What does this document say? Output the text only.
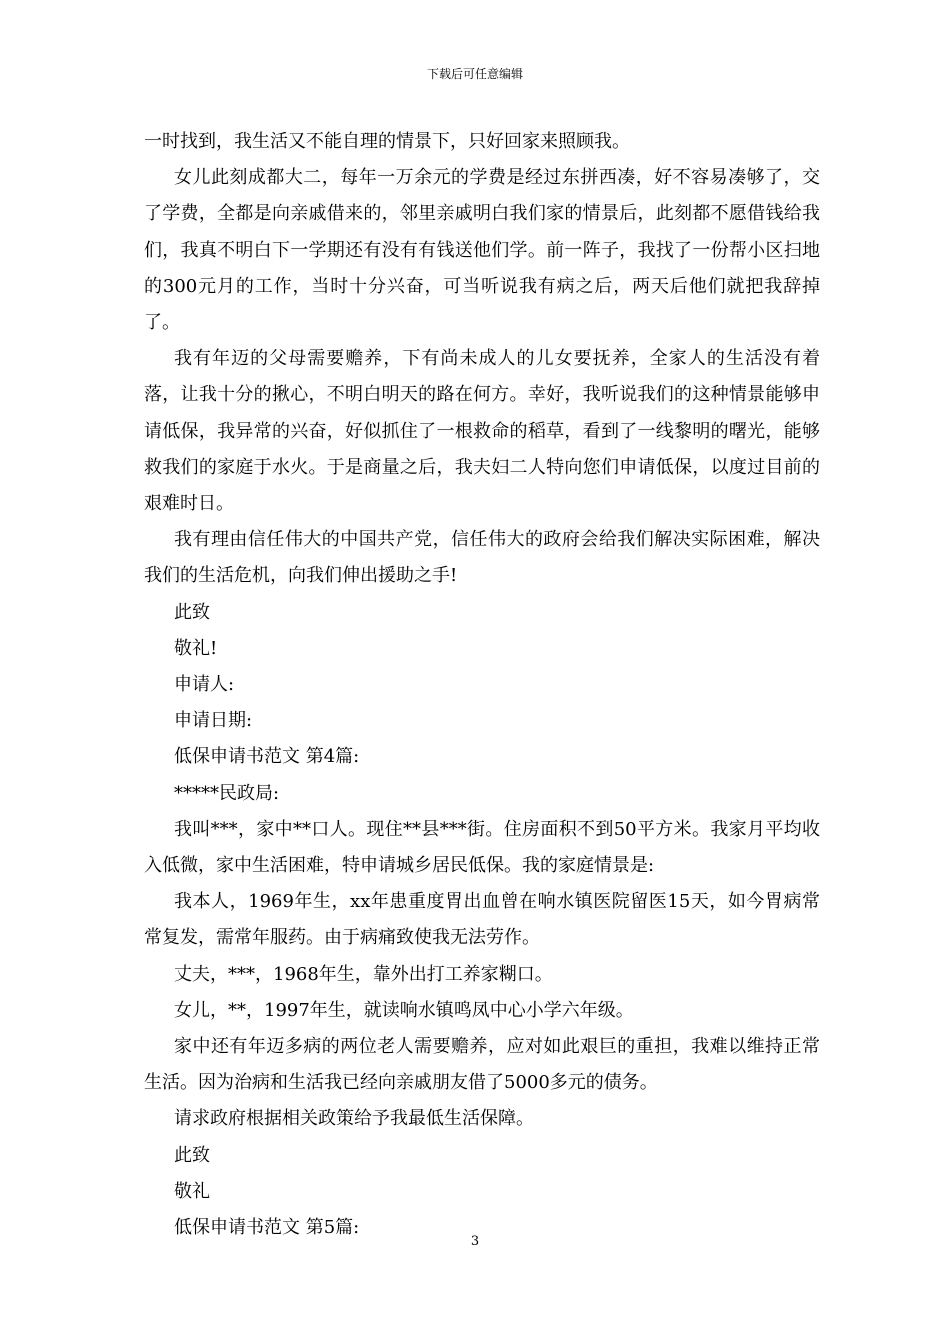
下载后可任意编辑

一时找到，我生活又不能自理的情景下，只好回家来照顾我。

女儿此刻成都大二，每年一万余元的学费是经过东拼西凑，好不容易凑够了，交了学费，全都是向亲戚借来的，邻里亲戚明白我们家的情景后，此刻都不愿借钱给我们，我真不明白下一学期还有没有有钱送他们学。前一阵子，我找了一份帮小区扫地的300元月的工作，当时十分兴奋，可当听说我有病之后，两天后他们就把我辞掉了。

我有年迈的父母需要赡养，下有尚未成人的儿女要抚养，全家人的生活没有着落，让我十分的揪心，不明白明天的路在何方。幸好，我听说我们的这种情景能够申请低保，我异常的兴奋，好似抓住了一根救命的稻草，看到了一线黎明的曙光，能够救我们的家庭于水火。于是商量之后，我夫妇二人特向您们申请低保，以度过目前的艰难时日。

我有理由信任伟大的中国共产党，信任伟大的政府会给我们解决实际困难，解决我们的生活危机，向我们伸出援助之手!

此致

敬礼!

申请人:

申请日期:

低保申请书范文 第4篇:

*****民政局:

我叫***，家中**口人。现住**县***街。住房面积不到50平方米。我家月平均收入低微，家中生活困难，特申请城乡居民低保。我的家庭情景是:

我本人，1969年生，xx年患重度胃出血曾在响水镇医院留医15天，如今胃病常常复发，需常年服药。由于病痛致使我无法劳作。

丈夫，***，1968年生，靠外出打工养家糊口。

女儿，**，1997年生，就读响水镇鸣凤中心小学六年级。

家中还有年迈多病的两位老人需要赡养，应对如此艰巨的重担，我难以维持正常生活。因为治病和生活我已经向亲戚朋友借了5000多元的债务。

请求政府根据相关政策给予我最低生活保障。

此致

敬礼

低保申请书范文 第5篇:

3
